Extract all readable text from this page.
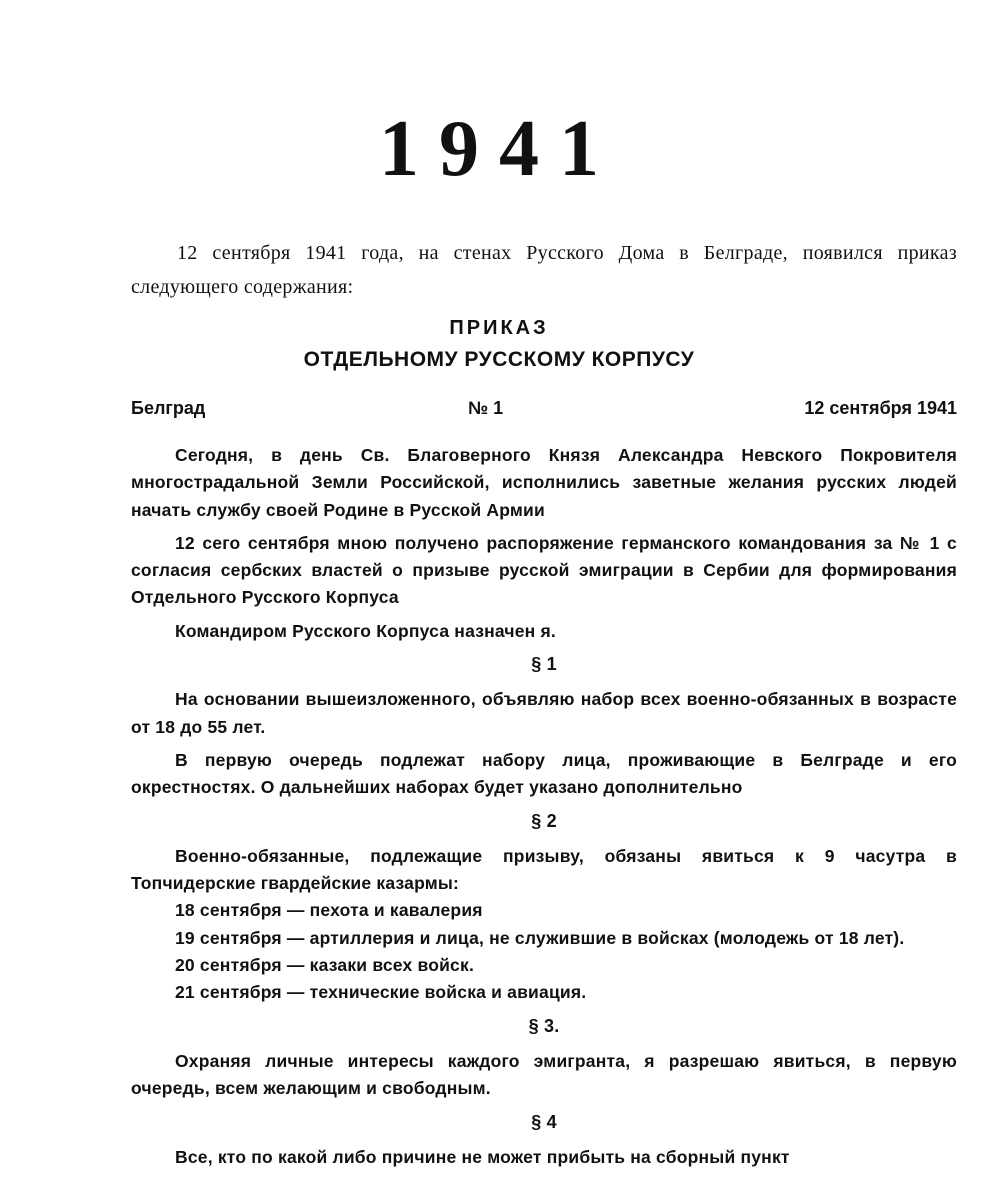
1941
12 сентября 1941 года, на стенах Русского Дома в Белграде, появился приказ следующего содержания:
ПРИКАЗ
ОТДЕЛЬНОМУ РУССКОМУ КОРПУСУ
Белград	№ 1	12 сентября 1941

Сегодня, в день Св. Благоверного Князя Александра Невского Покровителя многострадальной Земли Российской, исполнились заветные желания русских людей начать службу своей Родине в Русской Армии

12 сего сентября мною получено распоряжение германского командования за № 1 с согласия сербских властей о призыве русской эмиграции в Сербии для формирования Отдельного Русского Корпуса

Командиром Русского Корпуса назначен я.

§ 1

На основании вышеизложенного, объявляю набор всех военно-обязанных в возрасте от 18 до 55 лет.

В первую очередь подлежат набору лица, проживающие в Белграде и его окрестностях. О дальнейших наборах будет указано дополнительно

§ 2

Военно-обязанные, подлежащие призыву, обязаны явиться к 9 часутра в Топчидерские гвардейские казармы:

18 сентября — пехота и кавалерия

19 сентября — артиллерия и лица, не служившие в войсках (молодежь от 18 лет).

20 сентября — казаки всех войск.

21 сентября — технические войска и авиация.

§ 3.

Охраняя личные интересы каждого эмигранта, я разрешаю явиться, в первую очередь, всем желающим и свободным.

§ 4

Все, кто по какой либо причине не может прибыть на сборный пункт
